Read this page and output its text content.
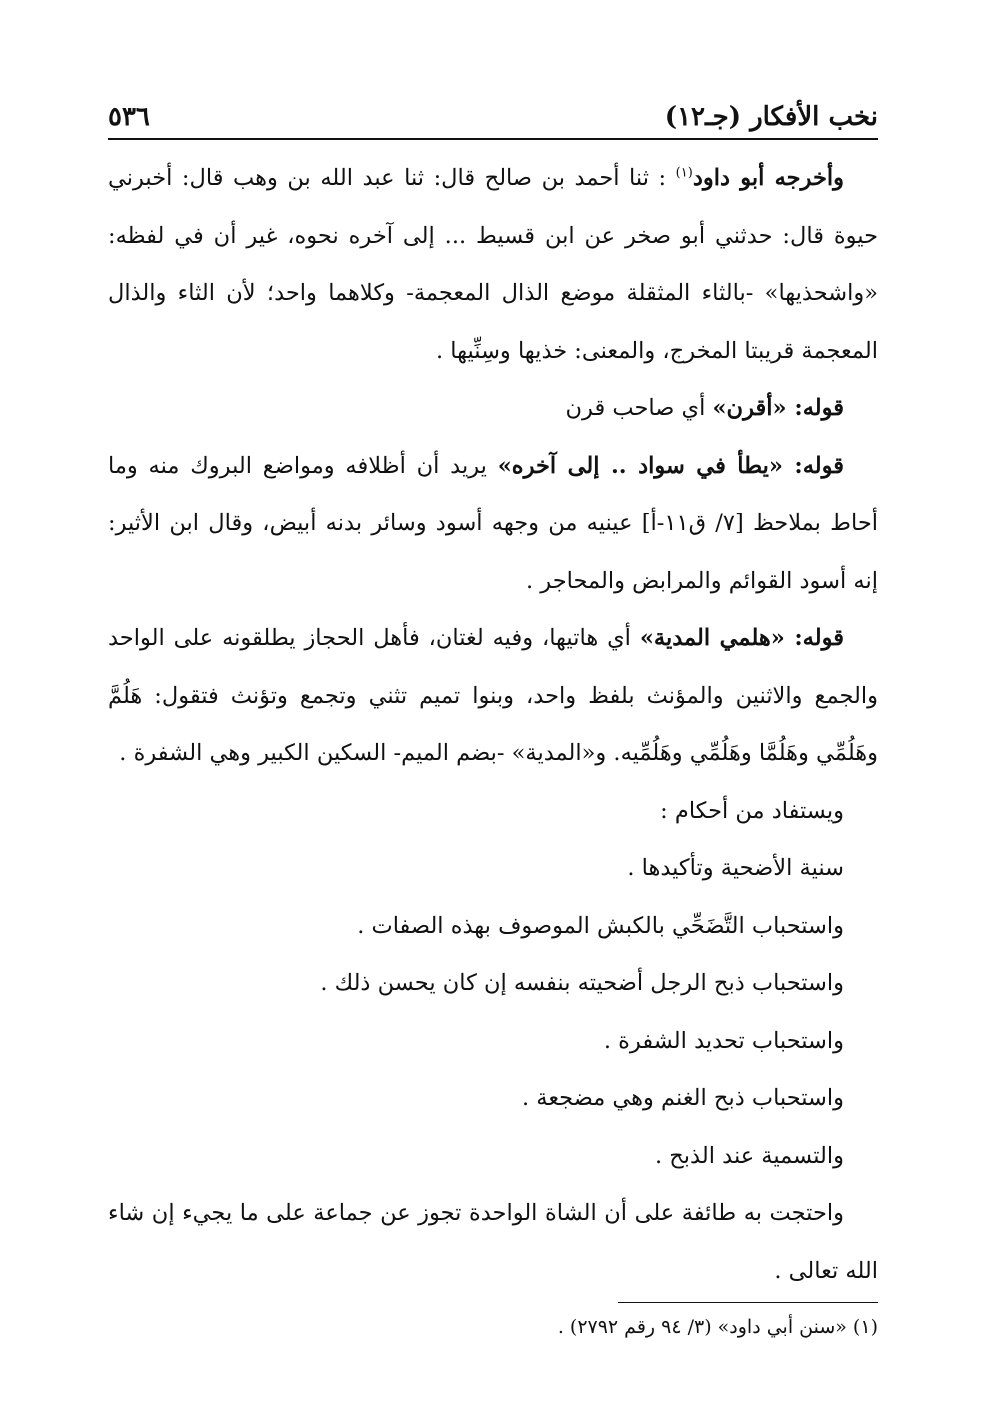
نخب الأفكار (جـ١٢)
٥٣٦

وأخرجه أبو داود$^{(١)}$ : ثنا أحمد بن صالح قال: ثنا عبد الله بن وهب قال: أخبرني حيوة قال: حدثني أبو صخر عن ابن قسيط ... إلى آخره نحوه، غير أن في لفظه: «واشحذيها» -بالثاء المثقلة موضع الذال المعجمة- وكلاهما واحد؛ لأن الثاء والذال المعجمة قريبتا المخرج، والمعنى: خذيها وسِنِّيها .

قوله: «أقرن» أي صاحب قرن

قوله: «يطأ في سواد .. إلى آخره» يريد أن أظلافه ومواضع البروك منه وما أحاط بملاحظ [٧/ ق١١-أ] عينيه من وجهه أسود وسائر بدنه أبيض، وقال ابن الأثير: إنه أسود القوائم والمرابض والمحاجر .

قوله: «هلمي المدية» أي هاتيها، وفيه لغتان، فأهل الحجاز يطلقونه على الواحد والجمع والاثنين والمؤنث بلفظ واحد، وبنوا تميم تثني وتجمع وتؤنث فتقول: هَلُمَّ وهَلُمِّي وهَلُمَّا وهَلُمِّي وهَلُمِّيه. و«المدية» -بضم الميم- السكين الكبير وهي الشفرة .

ويستفاد من أحكام :

سنية الأضحية وتأكيدها .

واستحباب التَّضَحِّي بالكبش الموصوف بهذه الصفات .

واستحباب ذبح الرجل أضحيته بنفسه إن كان يحسن ذلك .

واستحباب تحديد الشفرة .

واستحباب ذبح الغنم وهي مضجعة .

والتسمية عند الذبح .

واحتجت به طائفة على أن الشاة الواحدة تجوز عن جماعة على ما يجيء إن شاء الله تعالى .

(١) «سنن أبي داود» (٣/ ٩٤ رقم ٢٧٩٢) .
